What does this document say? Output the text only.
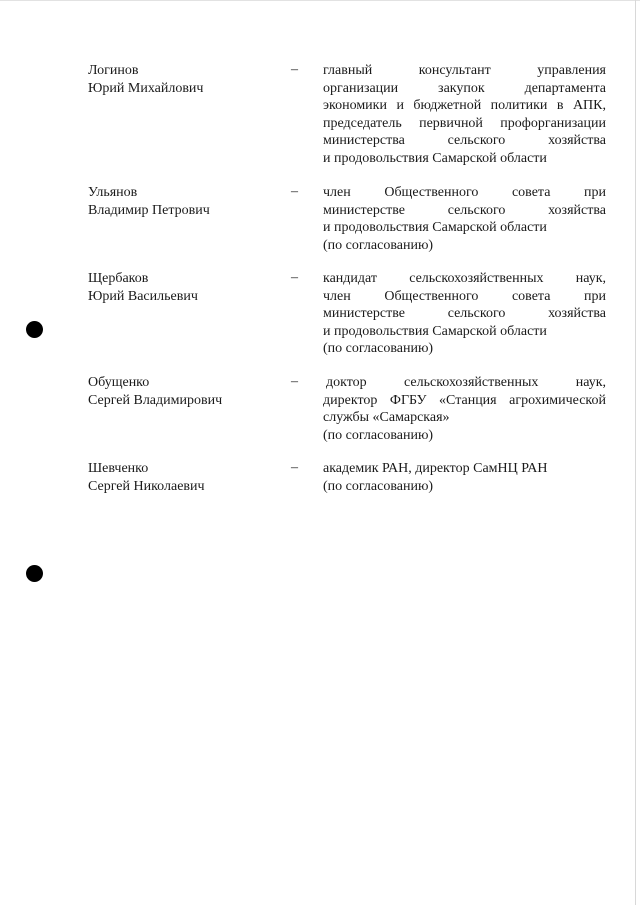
Логинов
Юрий Михайлович
– главный консультант управления
организации закупок департамента
экономики и бюджетной политики в АПК,
председатель первичной профорганизации
министерства сельского хозяйства
и продовольствия Самарской области
Ульянов
Владимир Петрович
– член Общественного совета при
министерстве сельского хозяйства
и продовольствия Самарской области
(по согласованию)
Щербаков
Юрий Васильевич
– кандидат сельскохозяйственных наук,
член Общественного совета при
министерстве сельского хозяйства
и продовольствия Самарской области
(по согласованию)
Обущенко
Сергей Владимирович
– доктор сельскохозяйственных наук,
директор ФГБУ «Станция агрохимической
службы «Самарская»
(по согласованию)
Шевченко
Сергей Николаевич
– академик РАН, директор СамНЦ РАН
(по согласованию)
